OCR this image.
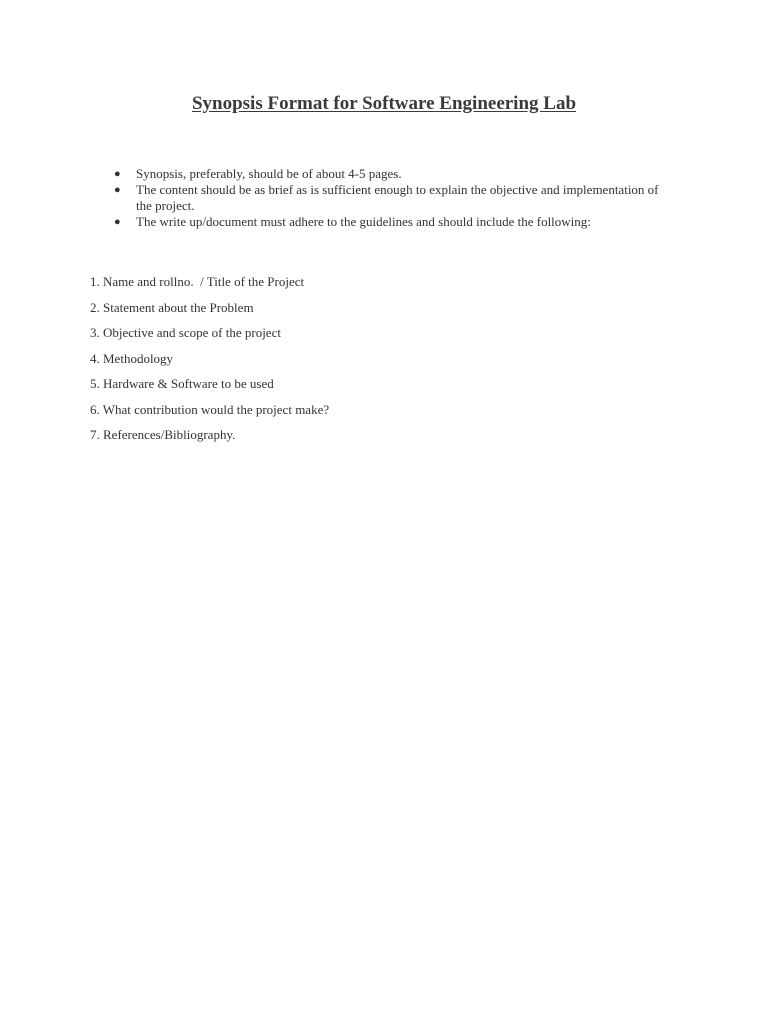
Synopsis Format for Software Engineering Lab
● Synopsis, preferably, should be of about 4-5 pages.
● The content should be as brief as is sufficient enough to explain the objective and implementation of the project.
● The write up/document must adhere to the guidelines and should include the following:
1. Name and rollno.  / Title of the Project
2. Statement about the Problem
3. Objective and scope of the project
4. Methodology
5. Hardware & Software to be used
6. What contribution would the project make?
7. References/Bibliography.
